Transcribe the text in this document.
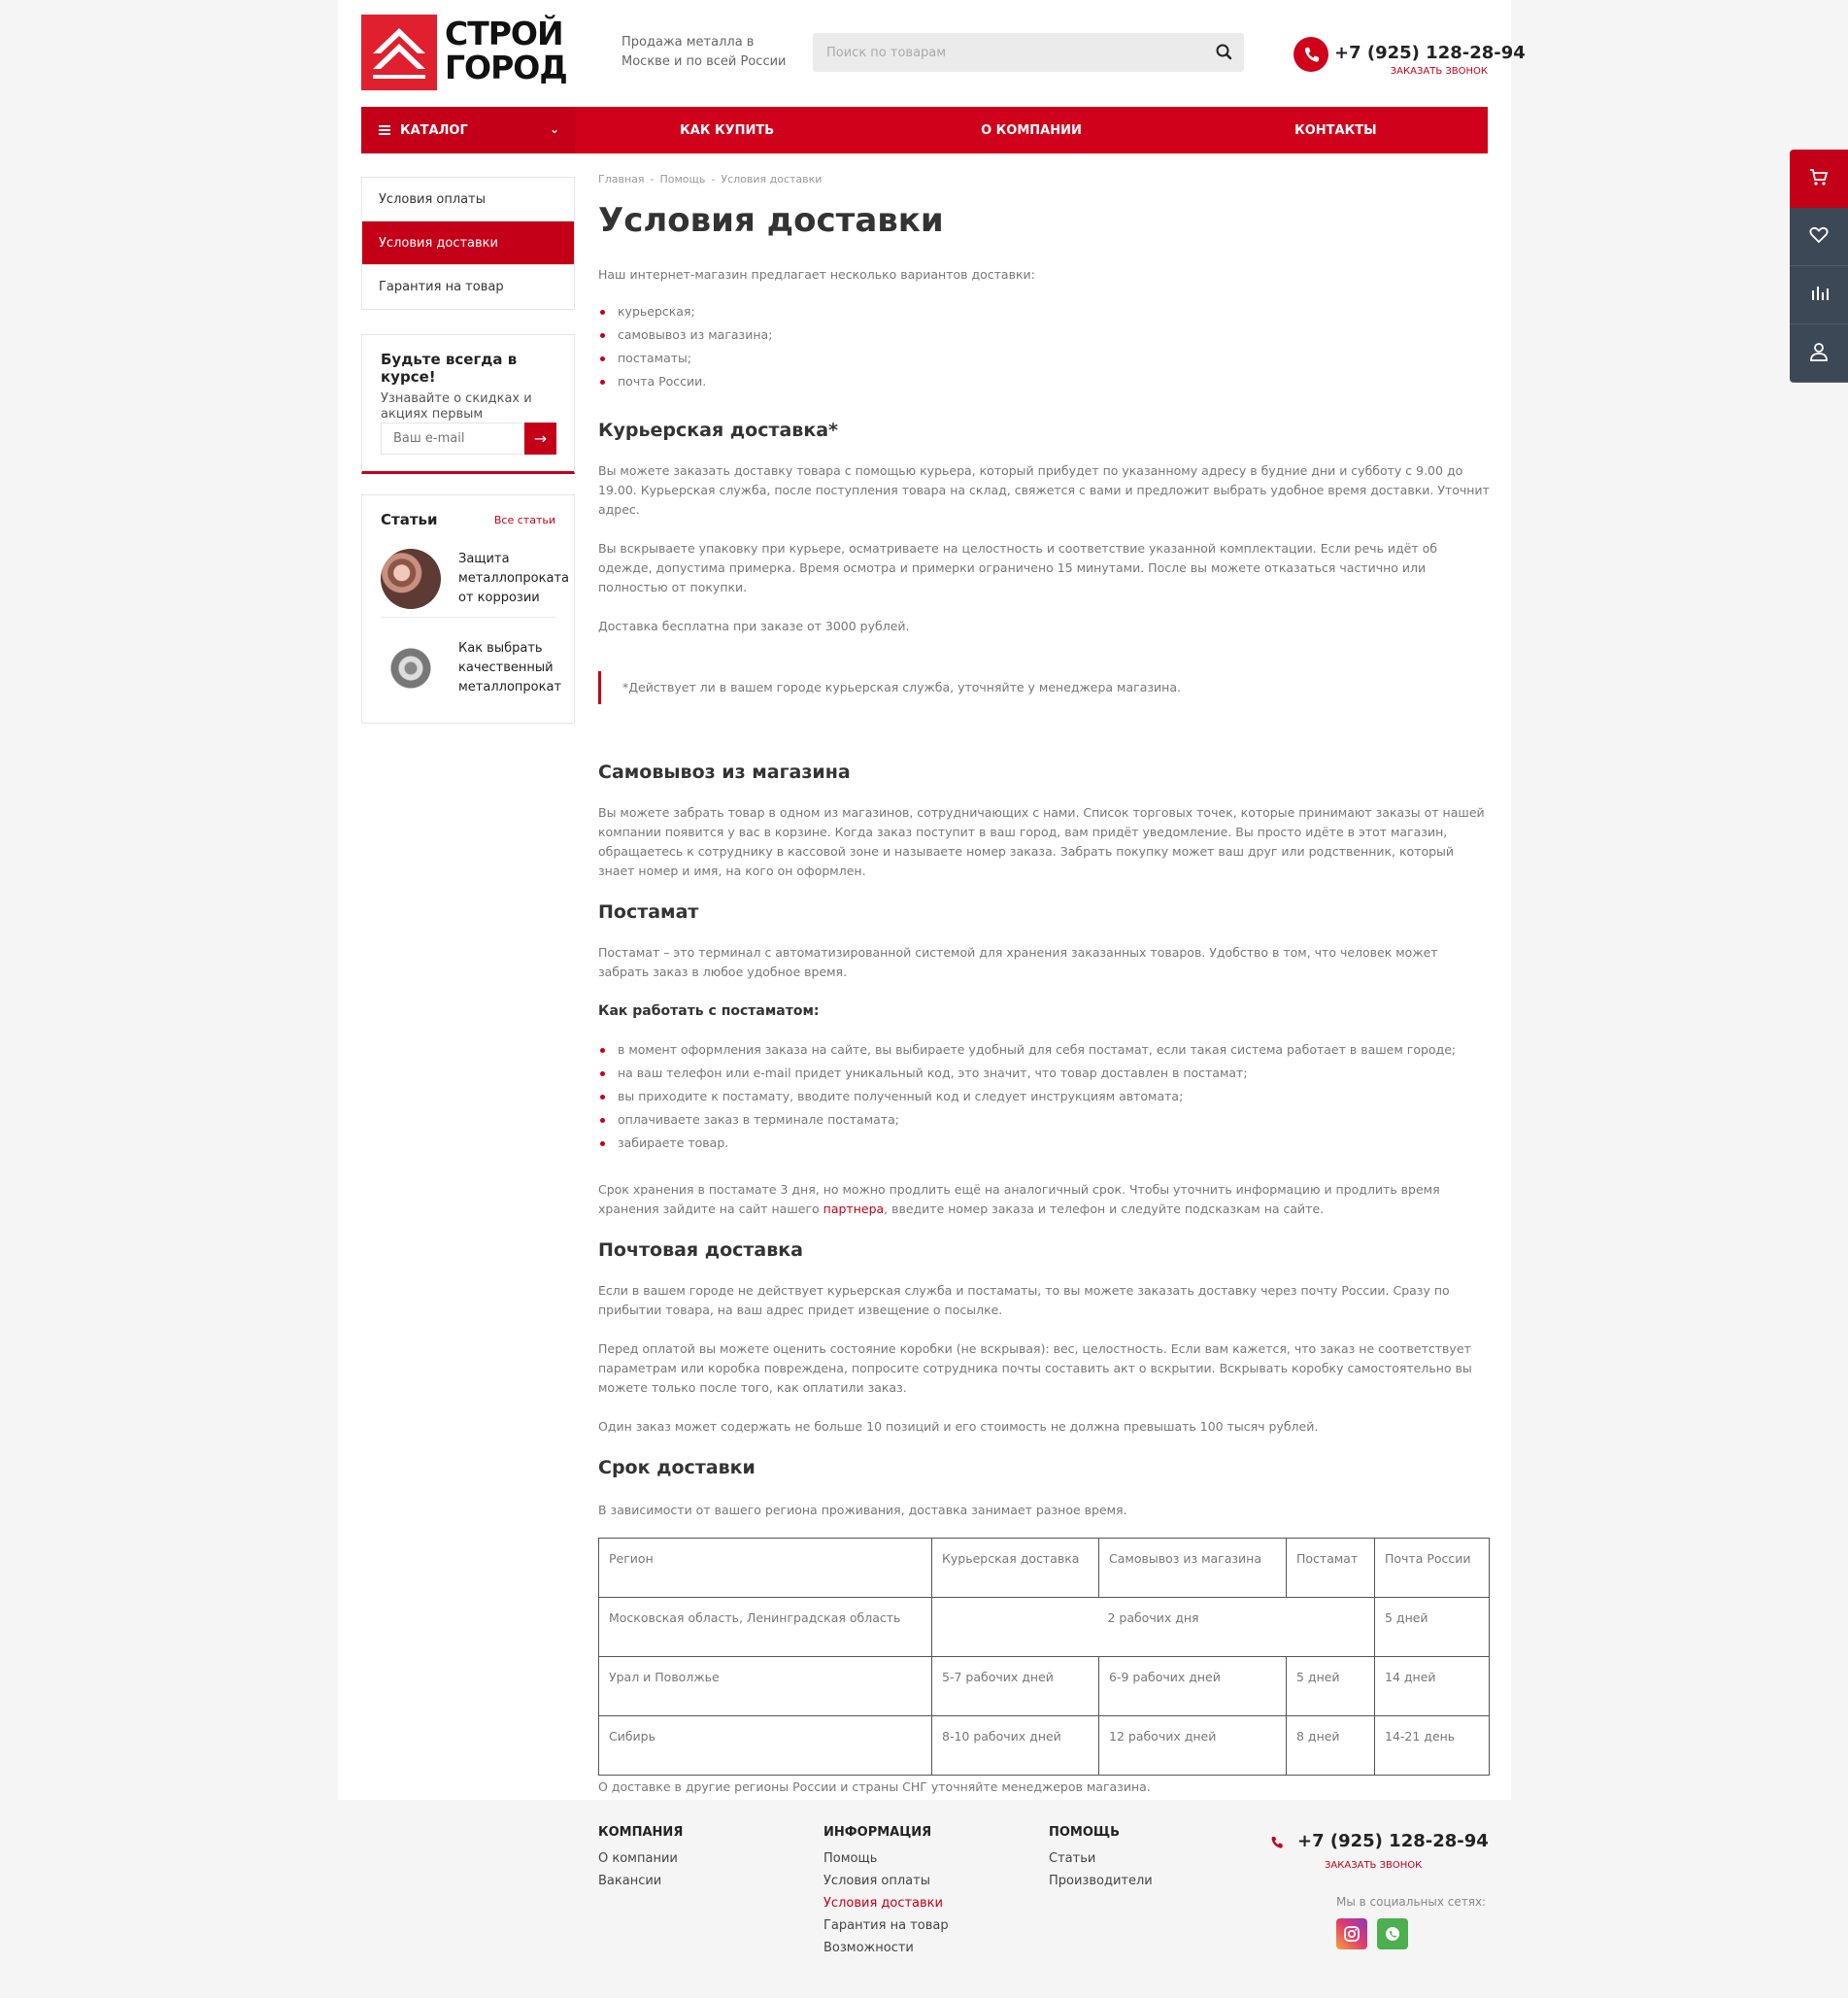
СТРОЙ
ГОРОД
Продажа металла в Москве и по всей России
Поиск по товарам	+7 (925) 128-28-94
ЗАКАЗАТЬ ЗВОНОК
КАТАЛОГ	⌄	КАК КУПИТЬ	О КОМПАНИИ	КОНТАКТЫ
Условия оплаты
Условия доставки
Гарантия на товар
Будьте всегда в курсе!

Узнавайте о скидках и акциях первым

Ваш e-mail
→
Статьи	Все статьи
Защита металлопроката от коррозии
Как выбрать качественный металлопрокат
Главная - Помощь - Условия доставки
Условия доставки

Наш интернет-магазин предлагает несколько вариантов доставки:

курьерская;
самовывоз из магазина;
постаматы;
почта России.
Курьерская доставка*

Вы можете заказать доставку товара с помощью курьера, который прибудет по указанному адресу в будние дни и субботу с 9.00 до 19.00. Курьерская служба, после поступления товара на склад, свяжется с вами и предложит выбрать удобное время доставки. Уточнит адрес.

Вы вскрываете упаковку при курьере, осматриваете на целостность и соответствие указанной комплектации. Если речь идёт об одежде, допустима примерка. Время осмотра и примерки ограничено 15 минутами. После вы можете отказаться частично или полностью от покупки.

Доставка бесплатна при заказе от 3000 рублей.

*Действует ли в вашем городе курьерская служба, уточняйте у менеджера магазина.
Самовывоз из магазина

Вы можете забрать товар в одном из магазинов, сотрудничающих с нами. Список торговых точек, которые принимают заказы от нашей компании появится у вас в корзине. Когда заказ поступит в ваш город, вам придёт уведомление. Вы просто идёте в этот магазин, обращаетесь к сотруднику в кассовой зоне и называете номер заказа. Забрать покупку может ваш друг или родственник, который знает номер и имя, на кого он оформлен.

Постамат

Постамат – это терминал с автоматизированной системой для хранения заказанных товаров. Удобство в том, что человек может забрать заказ в любое удобное время.

Как работать с постаматом:
в момент оформления заказа на сайте, вы выбираете удобный для себя постамат, если такая система работает в вашем городе;
на ваш телефон или e-mail придет уникальный код, это значит, что товар доставлен в постамат;
вы приходите к постамату, вводите полученный код и следует инструкциям автомата;
оплачиваете заказ в терминале постамата;
забираете товар.

Срок хранения в постамате 3 дня, но можно продлить ещё на аналогичный срок. Чтобы уточнить информацию и продлить время хранения зайдите на сайт нашего партнера, введите номер заказа и телефон и следуйте подсказкам на сайте.

Почтовая доставка

Если в вашем городе не действует курьерская служба и постаматы, то вы можете заказать доставку через почту России. Сразу по прибытии товара, на ваш адрес придет извещение о посылке.

Перед оплатой вы можете оценить состояние коробки (не вскрывая): вес, целостность. Если вам кажется, что заказ не соответствует параметрам или коробка повреждена, попросите сотрудника почты составить акт о вскрытии. Вскрывать коробку самостоятельно вы можете только после того, как оплатили заказ.

Один заказ может содержать не больше 10 позиций и его стоимость не должна превышать 100 тысяч рублей.

Срок доставки

В зависимости от вашего региона проживания, доставка занимает разное время.

Регион	Курьерская доставка	Самовывоз из магазина	Постамат	Почта России
Московская область, Ленинградская область	2 рабочих дня			5 дней
Урал и Поволжье	5-7 рабочих дней	6-9 рабочих дней	5 дней	14 дней
Сибирь	8-10 рабочих дней	12 рабочих дней	8 дней	14-21 день

О доставке в другие регионы России и страны СНГ уточняйте менеджеров магазина.

КОМПАНИЯ
О компании
Вакансии
ИНФОРМАЦИЯ
Помощь
Условия оплаты
Условия доставки
Гарантия на товар
Возможности
ПОМОЩЬ
Статьи
Производители
+7 (925) 128-28-94
ЗАКАЗАТЬ ЗВОНОК
Мы в социальных сетях:
